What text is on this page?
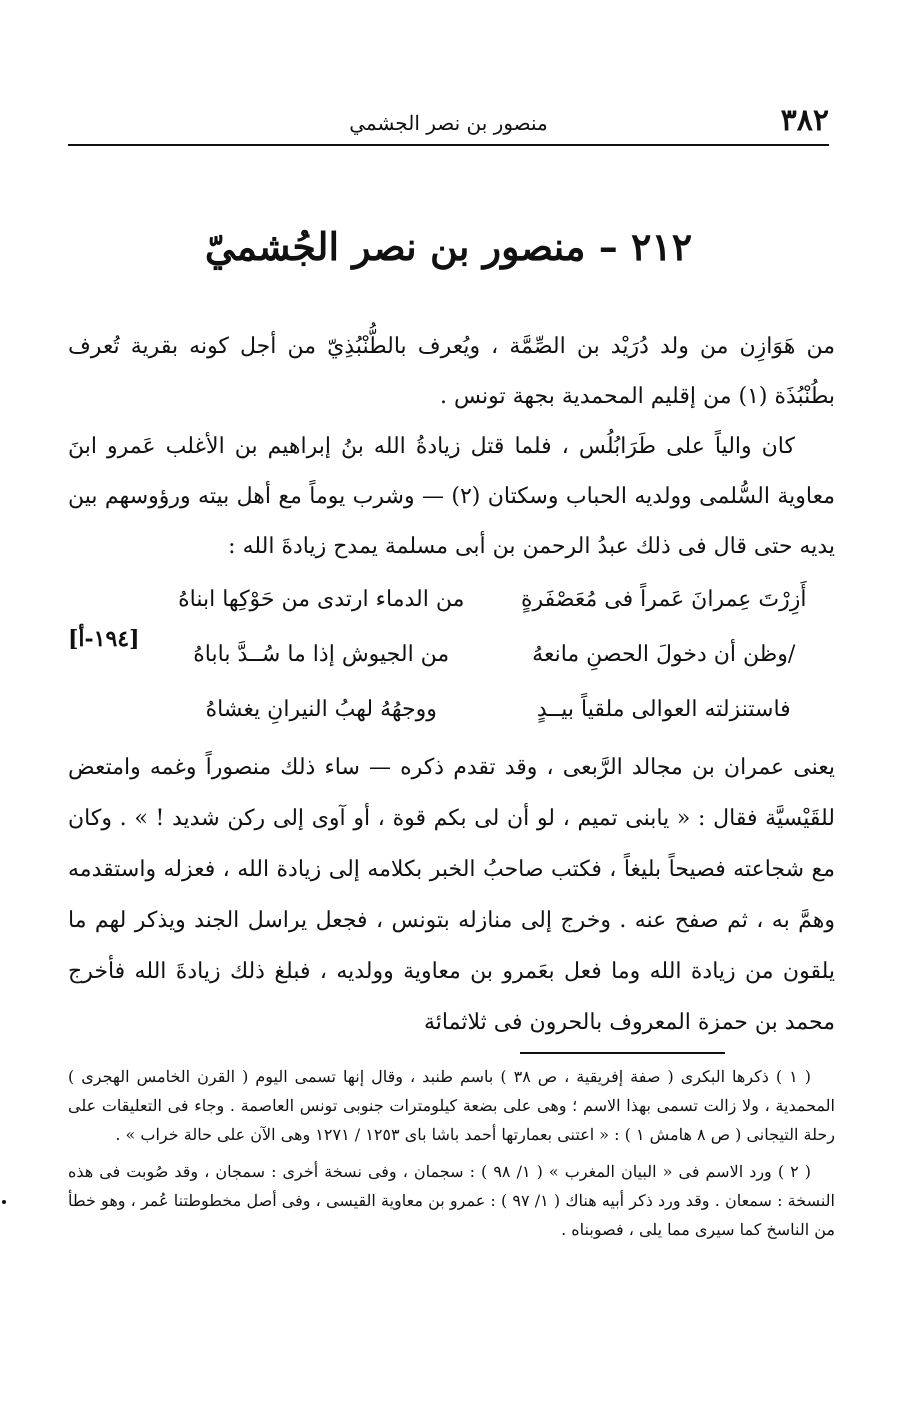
٣٨٢
منصور بن نصر الجشمي
٢١٢ – منصور بن نصر الجُشميّ

من هَوَازِن من ولد دُرَيْد بن الصِّمَّة ، ويُعرف بالطُّنْبُذِيّ من أجل كونه بقرية تُعرف بطُنْبُذَة (١) من إقليم المحمدية بجهة تونس .

كان والياً على طَرَابُلُس ، فلما قتل زيادةُ الله بنُ إبراهيم بن الأغلب عَمرو ابنَ معاوية السُّلمى وولديه الحباب وسكتان (٢) — وشرب يوماً مع أهل بيته ورؤوسهم بين يديه حتى قال فى ذلك عبدُ الرحمن بن أبى مسلمة يمدح زيادةَ الله :

أَزِرْتَ عِمرانَ عَمراً فى مُعَصْفَرةٍ
من الدماء ارتدى من حَوْكِها ابناهُ
/وظن أن دخولَ الحصنِ مانعهُ
من الجيوش إذا ما سُــدَّ باباهُ
فاستنزلته العوالى ملقياً بيــدٍ
ووجهُهُ لهبُ النيرانِ يغشاهُ
[١٩٤-أ]
يعنى عمران بن مجالد الرَّبعى ، وقد تقدم ذكره — ساء ذلك منصوراً وغمه وامتعض للقَيْسيَّة فقال : « يابنى تميم ، لو أن لى بكم قوة ، أو آوى إلى ركن شديد ! » . وكان مع شجاعته فصيحاً بليغاً ، فكتب صاحبُ الخبر بكلامه إلى زيادة الله ، فعزله واستقدمه وهمَّ به ، ثم صفح عنه . وخرج إلى منازله بتونس ، فجعل يراسل الجند ويذكر لهم ما يلقون من زيادة الله وما فعل بعَمرو بن معاوية وولديه ، فبلغ ذلك زيادةَ الله فأخرج محمد بن حمزة المعروف بالحرون فى ثلاثمائة

( ١ ) ذكرها البكرى ( صفة إفريقية ، ص ٣٨ ) باسم طنبد ، وقال إنها تسمى اليوم ( القرن الخامس الهجرى ) المحمدية ، ولا زالت تسمى بهذا الاسم ؛ وهى على بضعة كيلومترات جنوبى تونس العاصمة . وجاء فى التعليقات على رحلة التيجانى ( ص ٨ هامش ١ ) : « اعتنى بعمارتها أحمد باشا باى ١٢٥٣ / ١٢٧١ وهى الآن على حالة خراب » .

( ٢ ) ورد الاسم فى « البيان المغرب » ( ١/ ٩٨ ) : سجمان ، وفى نسخة أخرى : سمجان ، وقد صُوبت فى هذه النسخة : سمعان . وقد ورد ذكر أبيه هناك ( ١/ ٩٧ ) : عمرو بن معاوية القيسى ، وفى أصل مخطوطتنا عُمر ، وهو خطأ من الناسخ كما سيرى مما يلى ، فصوبناه .
